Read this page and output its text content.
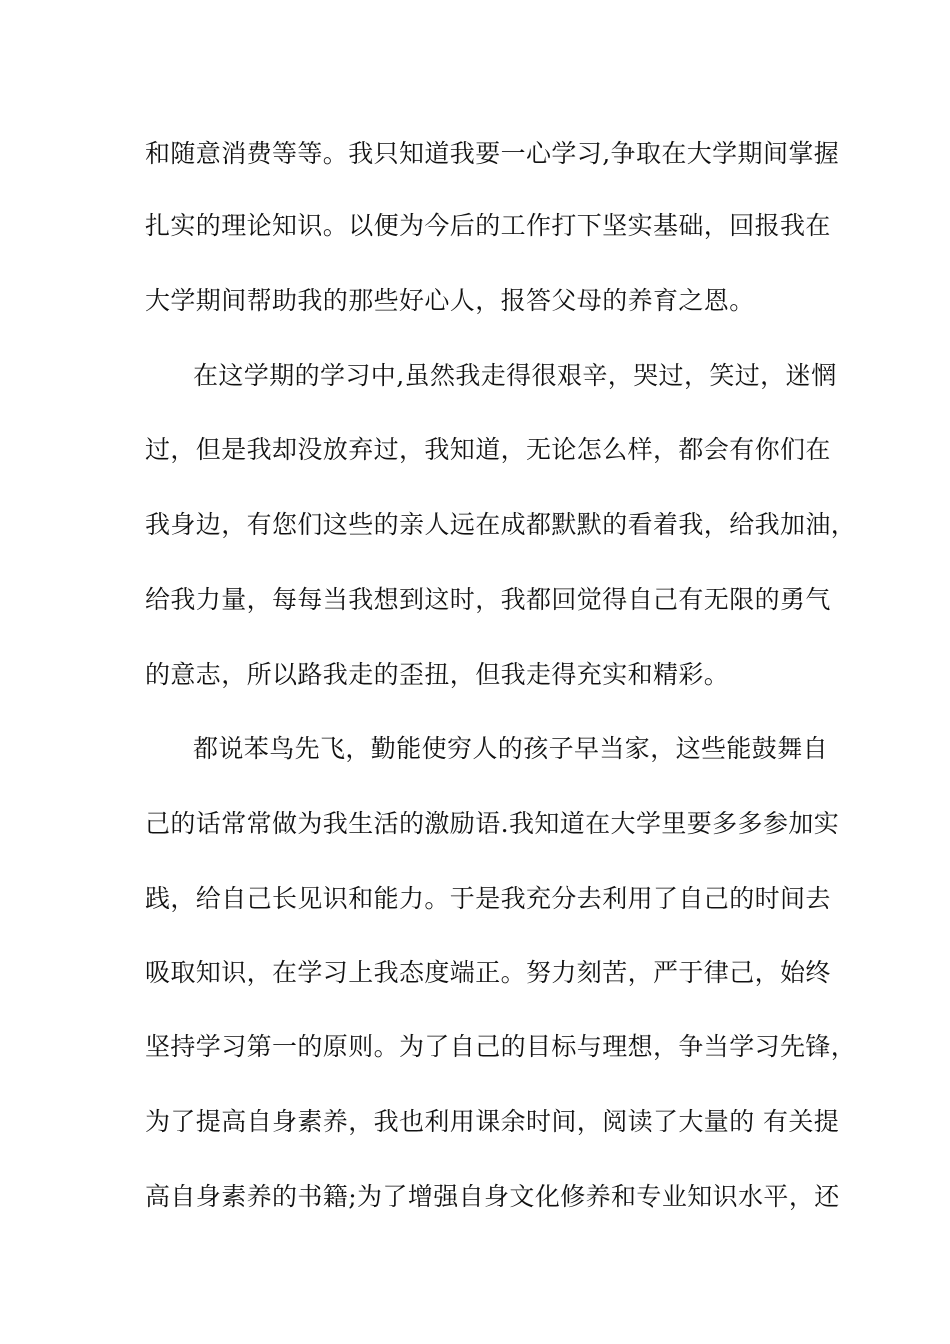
和随意消费等等。我只知道我要一心学习,争取在大学期间掌握
扎实的理论知识。以便为今后的工作打下坚实基础，回报我在
大学期间帮助我的那些好心人，报答父母的养育之恩。
在这学期的学习中,虽然我走得很艰辛，哭过，笑过，迷惘
过，但是我却没放弃过，我知道，无论怎么样，都会有你们在
我身边，有您们这些的亲人远在成都默默的看着我，给我加油，
给我力量，每每当我想到这时，我都回觉得自己有无限的勇气
的意志，所以路我走的歪扭，但我走得充实和精彩。
都说苯鸟先飞，勤能使穷人的孩子早当家，这些能鼓舞自
己的话常常做为我生活的激励语.我知道在大学里要多多参加实
践，给自己长见识和能力。于是我充分去利用了自己的时间去
吸取知识，在学习上我态度端正。努力刻苦，严于律己，始终
坚持学习第一的原则。为了自己的目标与理想，争当学习先锋，
为了提高自身素养，我也利用课余时间，阅读了大量的 有关提
高自身素养的书籍;为了增强自身文化修养和专业知识水平，还
